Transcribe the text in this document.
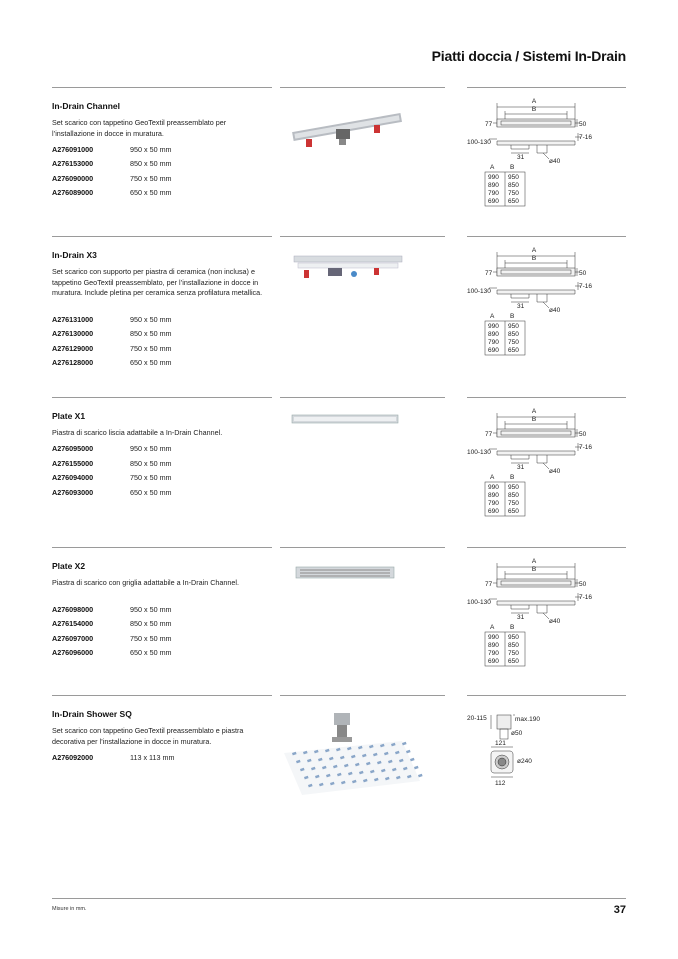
Piatti doccia / Sistemi In-Drain
In-Drain Channel
Set scarico con tappetino GeoTextil preassemblato per l’installazione in docce in muratura.
A276091000	950 x 50 mm
A276153000	850 x 50 mm
A276090000	750 x 50 mm
A276089000	650 x 50 mm
A
B
77	50
100-130
7-16
31
ø40
A B
990 950
890 850
790 750
690 650
In-Drain X3
Set scarico con supporto per piastra di ceramica (non inclusa) e tappetino GeoTextil preassemblato, per l’installazione in docce in muratura. Include pletina per ceramica senza profilatura metallica.
A276131000	950 x 50 mm
A276130000	850 x 50 mm
A276129000	750 x 50 mm
A276128000	650 x 50 mm
A
B
77	50
100-130
7-16
31
ø40
A B
990 950
890 850
790 750
690 650
Plate X1
Piastra di scarico liscia adattabile a In-Drain Channel.
A276095000	950 x 50 mm
A276155000	850 x 50 mm
A276094000	750 x 50 mm
A276093000	650 x 50 mm
A
B
77	50
100-130
7-16
31
ø40
A B
990 950
890 850
790 750
690 650
Plate X2
Piastra di scarico con griglia adattabile a In-Drain Channel.
A276098000	950 x 50 mm
A276154000	850 x 50 mm
A276097000	750 x 50 mm
A276096000	650 x 50 mm
A
B
77	50
100-130
7-16
31
ø40
A B
990 950
890 850
790 750
690 650
In-Drain Shower SQ
Set scarico con tappetino GeoTextil preassemblato e piastra decorativa per l’installazione in docce in muratura.
A276092000	113 x 113 mm
20-115	max.190
ø50
121
ø240
112
Misure in mm.	37
